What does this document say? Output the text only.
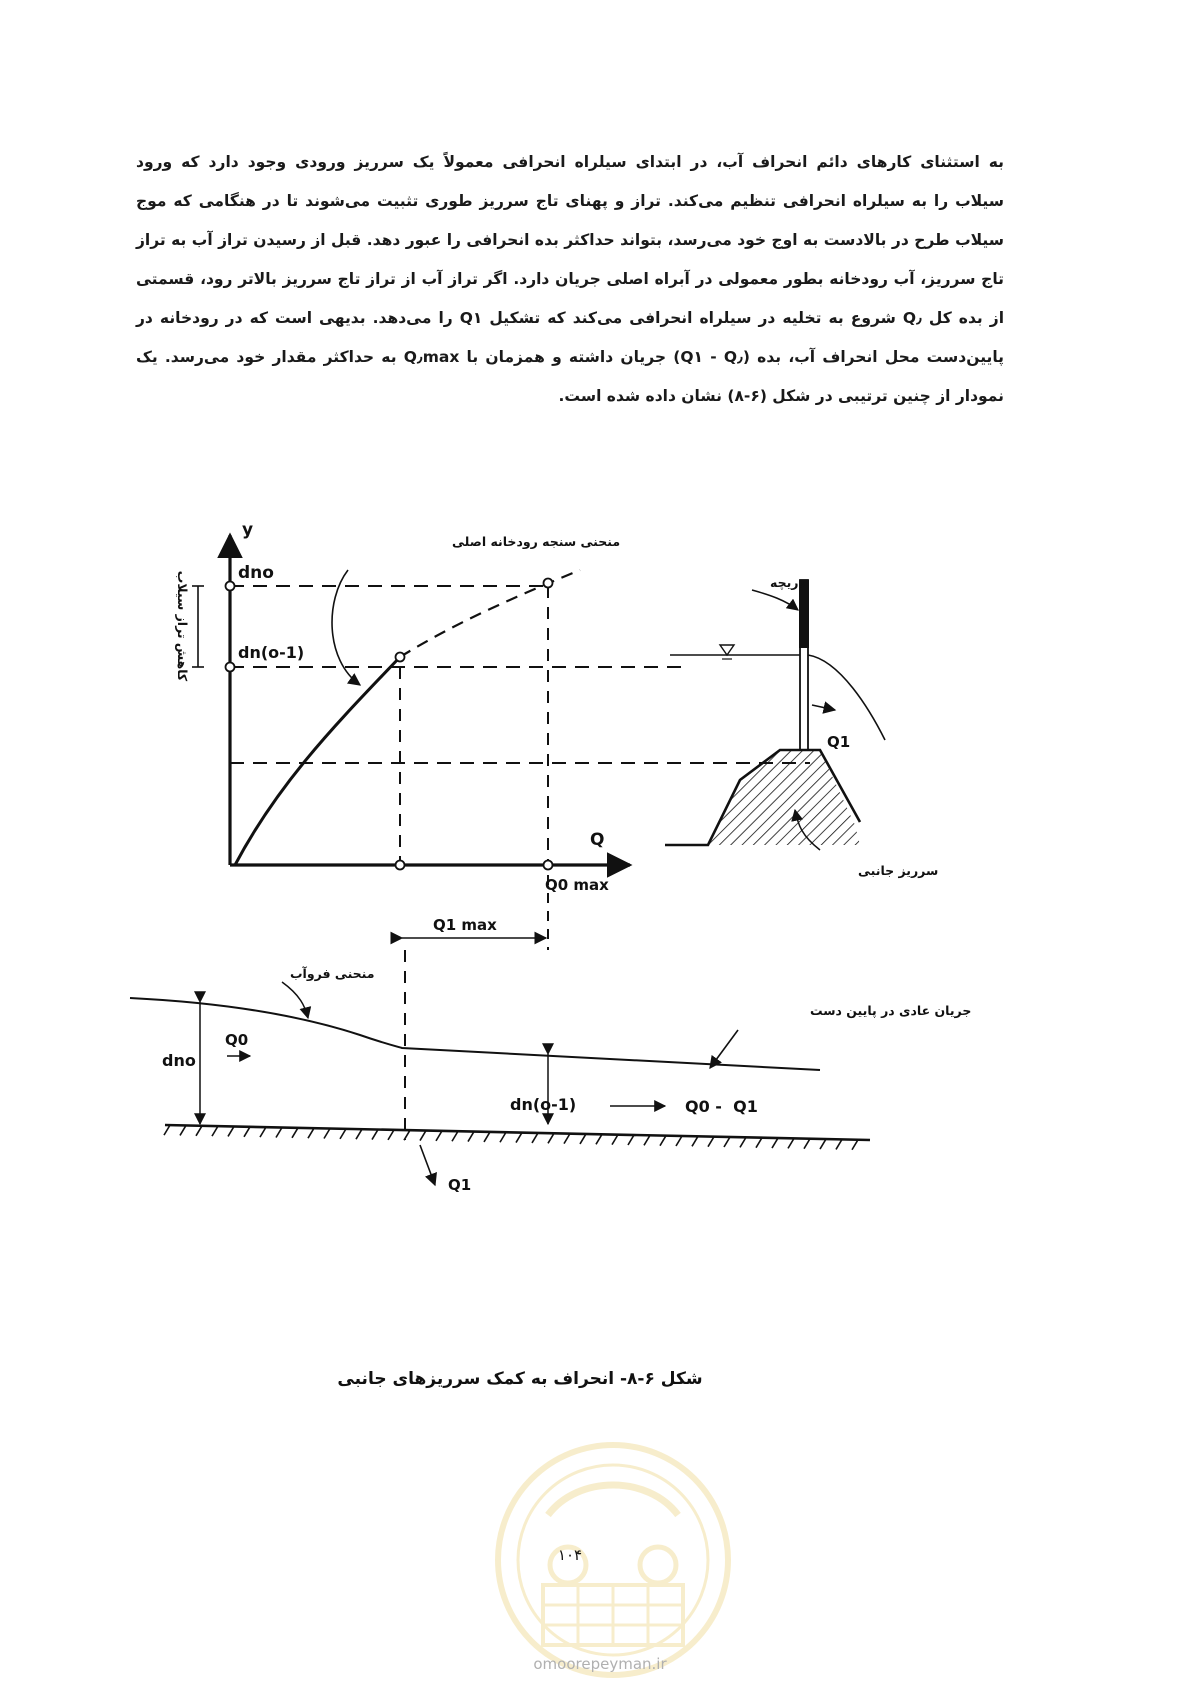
به استثنای کارهای دائم انحراف آب، در ابتدای سیلراه انحرافی معمولاً یک سرریز ورودی وجود دارد که ورود
سیلاب را به سیلراه انحرافی تنظیم می‌کند. تراز و پهنای تاج سرریز طوری تثبیت می‌شوند تا در هنگامی که موج
سیلاب طرح در بالادست به اوج خود می‌رسد، بتواند حداکثر بده انحرافی را عبور دهد. قبل از رسیدن تراز آب به تراز
تاج سرریز، آب رودخانه بطور معمولی در آبراه اصلی جریان دارد. اگر تراز آب از تراز تاج سرریز بالاتر رود، قسمتی
از بده کل Q٫ شروع به تخلیه در سیلراه انحرافی می‌کند که تشکیل Q١ را می‌دهد. بدیهی است که در رودخانه در
پایین‌دست محل انحراف آب، بده (Q٫ - Q١) جریان داشته و همزمان با Q٫max به حداکثر مقدار خود می‌رسد. یک
نمودار از چنین ترتیبی در شکل (۶-۸) نشان داده شده است.
y
Q
dno
dn(o-1)
منحنی سنجه رودخانه اصلی
کاهش تراز سیلاب
Q0 max
Q1 max
دریچه
Q1
سرریز جانبی
منحنی فروآب
جریان عادی در پایین دست
dno
Q0
dn(o-1)	Q0 -  Q1
Q1
شکل ۶-۸- انحراف به کمک سرریزهای جانبی
۱۰۴
omoorepeyman.ir
